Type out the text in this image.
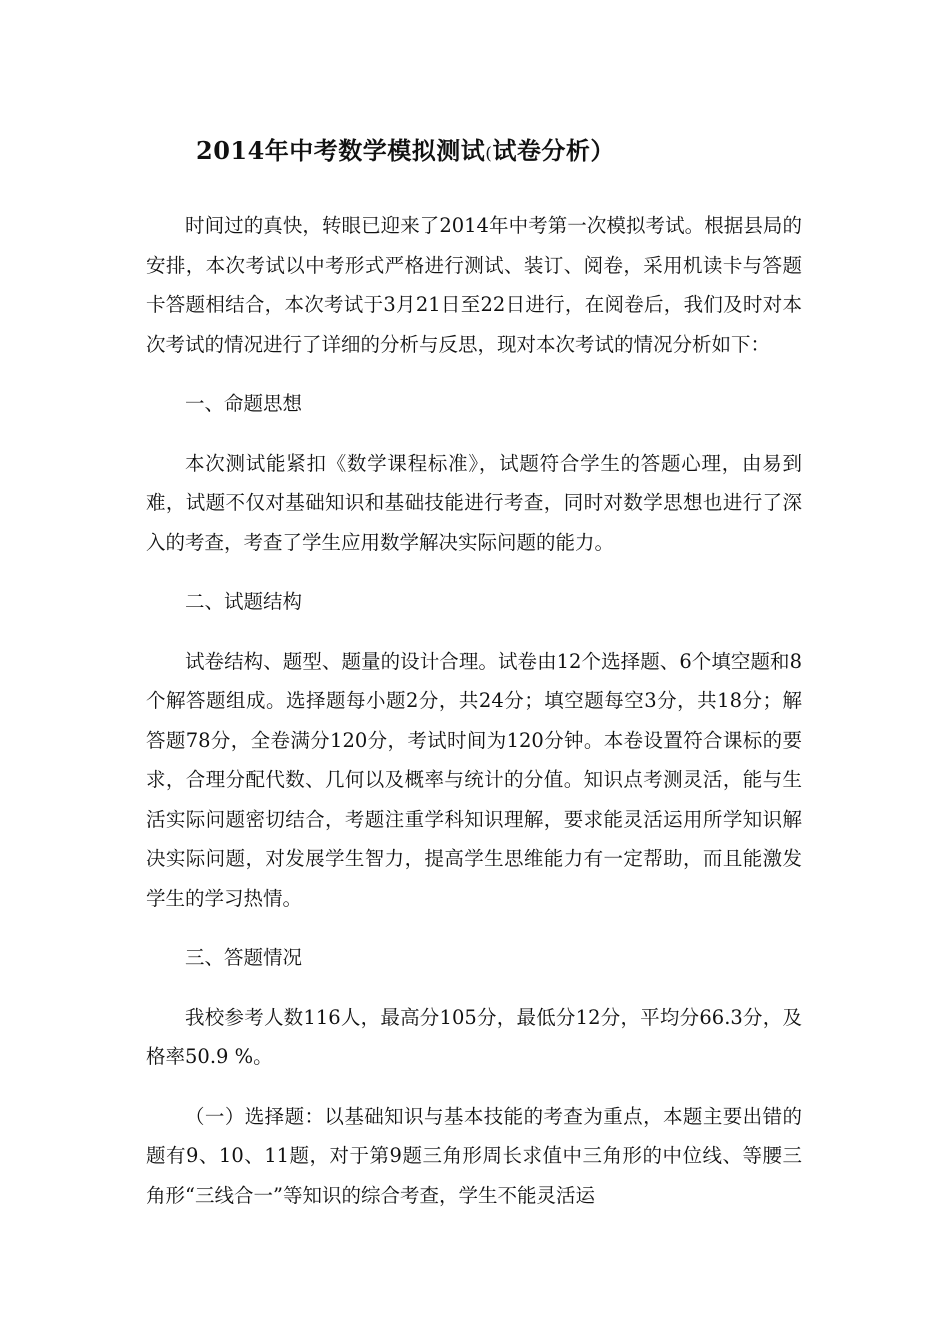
2014年中考数学模拟测试(试卷分析）

时间过的真快，转眼已迎来了2014年中考第一次模拟考试。根据县局的安排，本次考试以中考形式严格进行测试、装订、阅卷，采用机读卡与答题卡答题相结合，本次考试于3月21日至22日进行，在阅卷后，我们及时对本次考试的情况进行了详细的分析与反思，现对本次考试的情况分析如下：

一、命题思想

本次测试能紧扣《数学课程标准》，试题符合学生的答题心理，由易到难，试题不仅对基础知识和基础技能进行考查，同时对数学思想也进行了深入的考查，考查了学生应用数学解决实际问题的能力。

二、试题结构

试卷结构、题型、题量的设计合理。试卷由12个选择题、6个填空题和8个解答题组成。选择题每小题2分，共24分；填空题每空3分，共18分；解答题78分，全卷满分120分，考试时间为120分钟。本卷设置符合课标的要求，合理分配代数、几何以及概率与统计的分值。知识点考测灵活，能与生活实际问题密切结合，考题注重学科知识理解，要求能灵活运用所学知识解决实际问题，对发展学生智力，提高学生思维能力有一定帮助，而且能激发学生的学习热情。

三、答题情况

我校参考人数116人，最高分105分，最低分12分，平均分66.3分，及格率50.9 %。

（一）选择题：以基础知识与基本技能的考查为重点，本题主要出错的题有9、10、11题，对于第9题三角形周长求值中三角形的中位线、等腰三角形“三线合一”等知识的综合考查，学生不能灵活运
